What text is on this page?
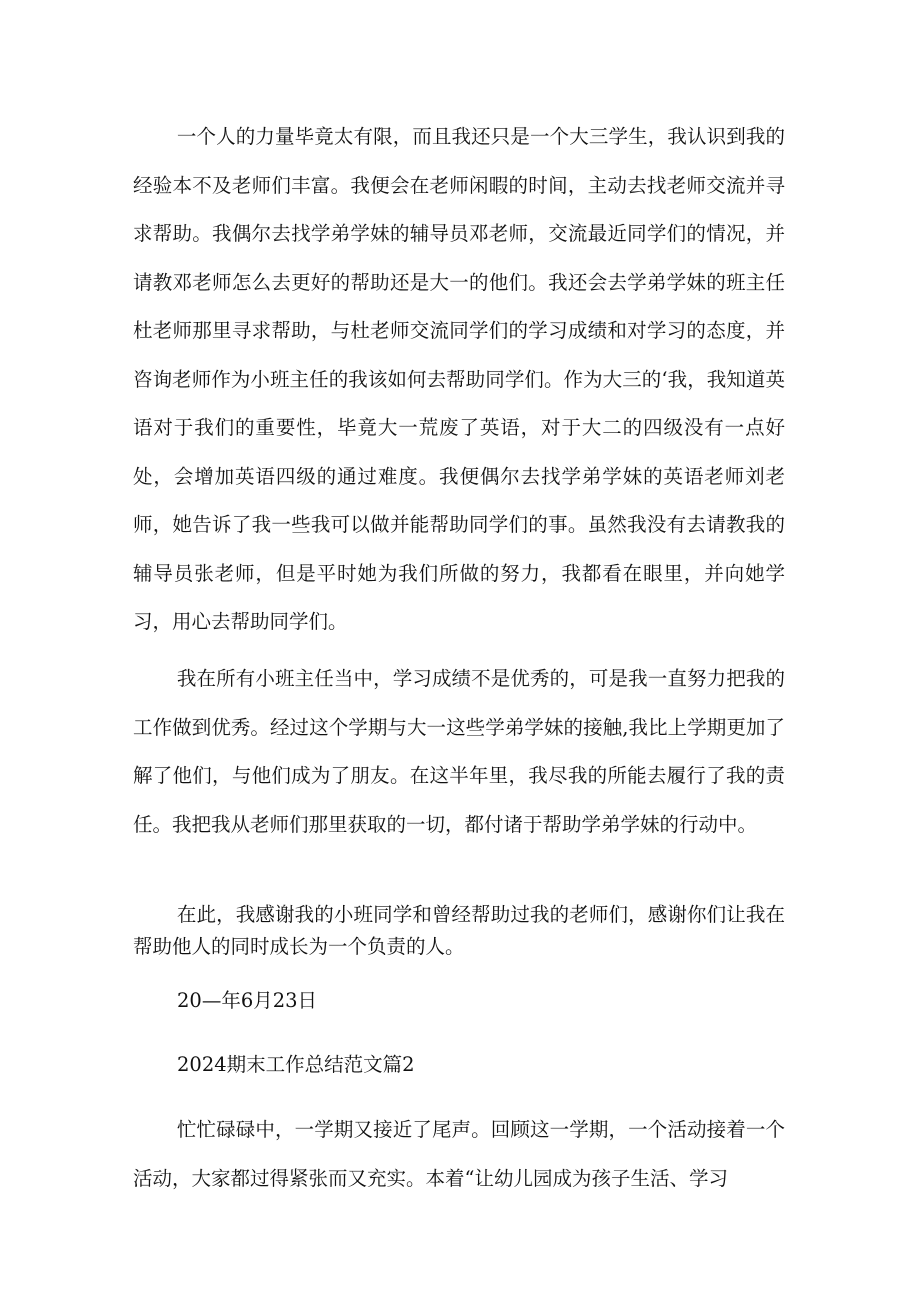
一个人的力量毕竟太有限，而且我还只是一个大三学生，我认识到我的经验本不及老师们丰富。我便会在老师闲暇的时间，主动去找老师交流并寻求帮助。我偶尔去找学弟学妹的辅导员邓老师，交流最近同学们的情况，并请教邓老师怎么去更好的帮助还是大一的他们。我还会去学弟学妹的班主任杜老师那里寻求帮助，与杜老师交流同学们的学习成绩和对学习的态度，并咨询老师作为小班主任的我该如何去帮助同学们。作为大三的‘我，我知道英语对于我们的重要性，毕竟大一荒废了英语，对于大二的四级没有一点好处，会增加英语四级的通过难度。我便偶尔去找学弟学妹的英语老师刘老师，她告诉了我一些我可以做并能帮助同学们的事。虽然我没有去请教我的辅导员张老师，但是平时她为我们所做的努力，我都看在眼里，并向她学习，用心去帮助同学们。

我在所有小班主任当中，学习成绩不是优秀的，可是我一直努力把我的工作做到优秀。经过这个学期与大一这些学弟学妹的接触,我比上学期更加了解了他们，与他们成为了朋友。在这半年里，我尽我的所能去履行了我的责任。我把我从老师们那里获取的一切，都付诸于帮助学弟学妹的行动中。

在此，我感谢我的小班同学和曾经帮助过我的老师们，感谢你们让我在帮助他人的同时成长为一个负责的人。

20—年6月23日

2024期末工作总结范文篇2

忙忙碌碌中，一学期又接近了尾声。回顾这一学期，一个活动接着一个活动，大家都过得紧张而又充实。本着“让幼儿园成为孩子生活、学习
